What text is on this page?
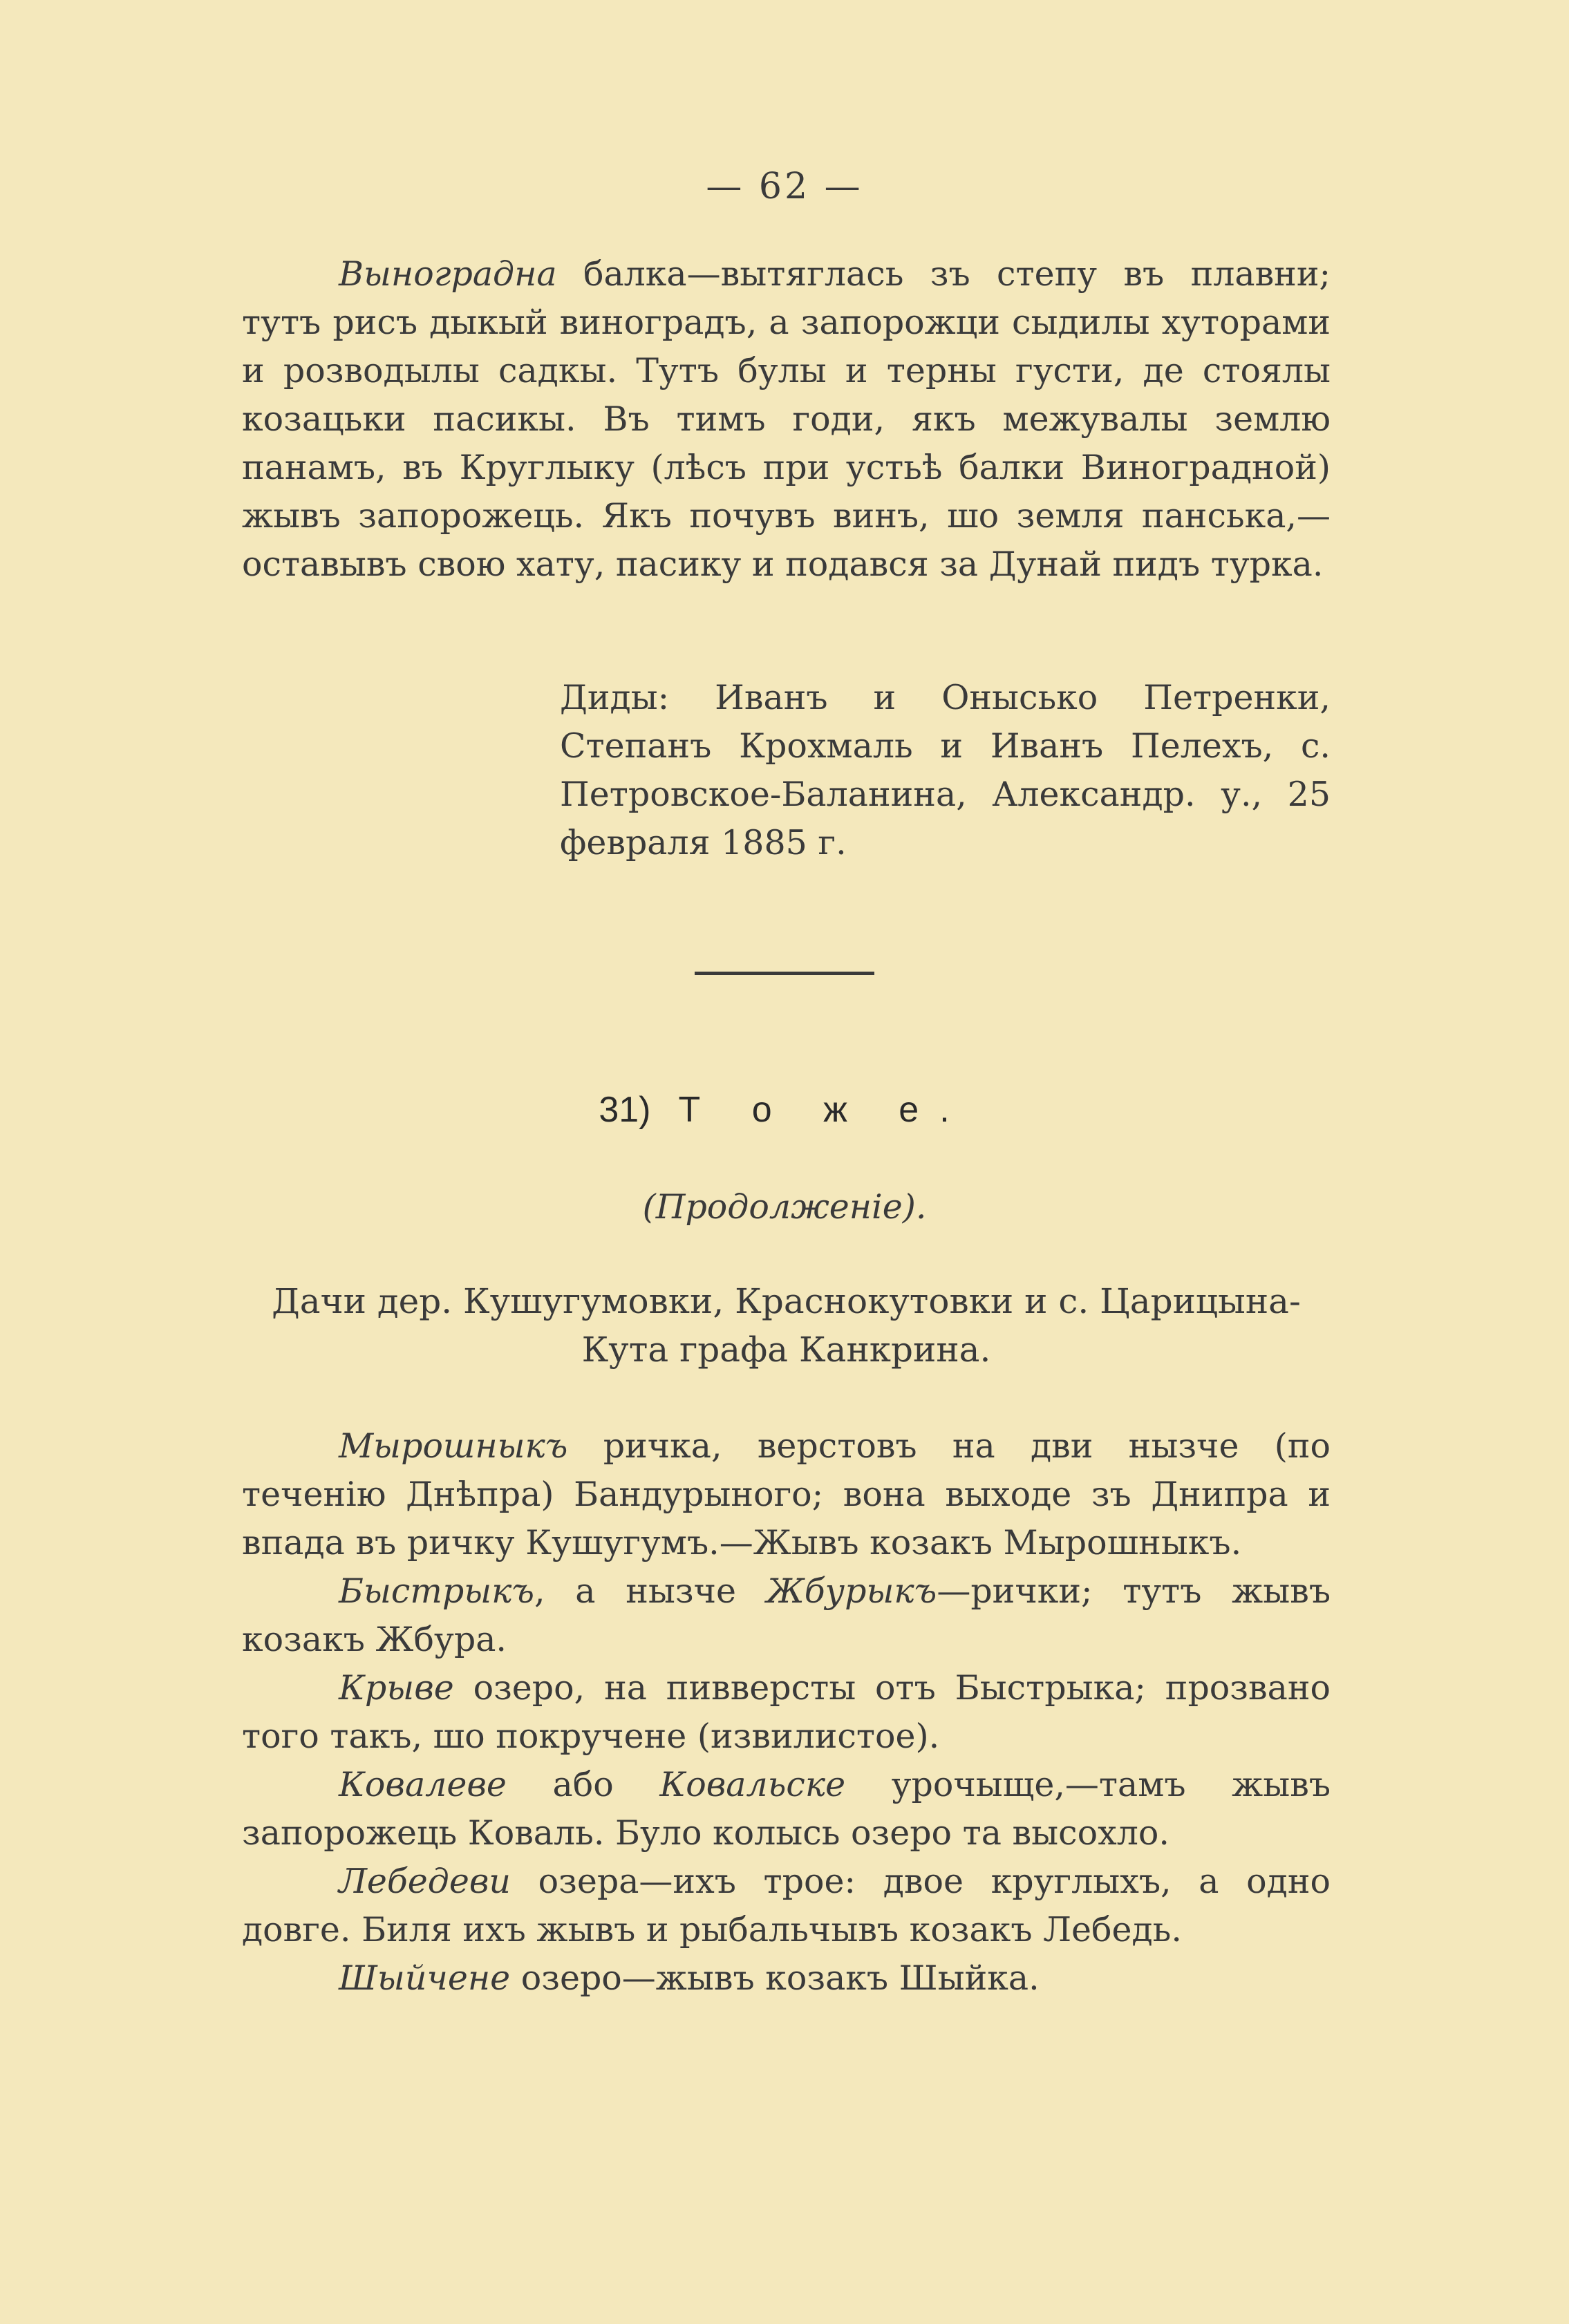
— 62 —

Выноградна балка—вытяглась зъ степу въ плавни; тутъ рисъ дыкый виноградъ, а запорожци сыдилы хуторами и розводылы садкы. Тутъ булы и терны густи, де стоялы козацьки пасикы. Въ тимъ годи, якъ межувалы землю панамъ, въ Круглыку (лѣсъ при устьѣ балки Виноградной) жывъ запорожець. Якъ почувъ винъ, шо земля панська,—оставывъ свою хату, пасику и подався за Дунай пидъ турка.

Диды: Иванъ и Онысько Петренки, Степанъ Крохмаль и Иванъ Пелехъ, с. Петровское-Баланина, Александр. у., 25 февраля 1885 г.
31) Т о ж е.
(Продолженіе).
Дачи дер. Кушугумовки, Краснокутовки и с. Царицына-Кута графа Канкрина.

Мырошныкъ ричка, верстовъ на дви нызче (по теченію Днѣпра) Бандурыного; вона выходе зъ Днипра и впада въ ричку Кушугумъ.—Жывъ козакъ Мырошныкъ.

Быстрыкъ, а нызче Жбурыкъ—рички; тутъ жывъ козакъ Жбура.

Крыве озеро, на пивверсты отъ Быстрыка; прозвано того такъ, шо покручене (извилистое).

Ковалеве або Ковальске урочыще,—тамъ жывъ запорожець Коваль. Було колысь озеро та высохло.

Лебедеви озера—ихъ трое: двое круглыхъ, а одно довге. Биля ихъ жывъ и рыбальчывъ козакъ Лебедь.

Шыйчене озеро—жывъ козакъ Шыйка.
